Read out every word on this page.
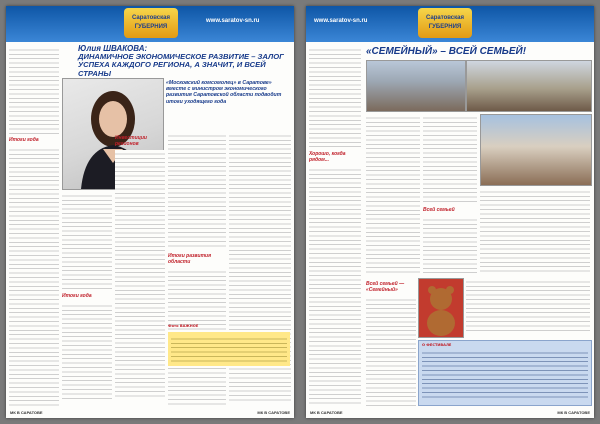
Саратовская ГУБЕРНИЯ
www.saratov-sn.ru
Итоги года
Юлия ШВАКОВА:
ДИНАМИЧНОЕ ЭКОНОМИЧЕСКОЕ РАЗВИТИЕ – ЗАЛОГ УСПЕХА КАЖДОГО РЕГИОНА, А ЗНАЧИТ, И ВСЕЙ СТРАНЫ
«Московский комсомолец» в Саратове» вместе с министром экономического развития Саратовской области подводит итоги уходящего года
Итоги года
Инвестиции регионов
Итоги развития области
Фото ВАЖНОЕ
МК В САРАТОВЕ	МК В САРАТОВЕ
www.saratov-sn.ru	Саратовская ГУБЕРНИЯ
Хорошо, когда рядом...
«СЕМЕЙНЫЙ» – ВСЕЙ СЕМЬЕЙ!
Всей семьей
Всей семьей — «Семейный»
О ФЕСТИВАЛЕ
МК В САРАТОВЕ	МК В САРАТОВЕ
